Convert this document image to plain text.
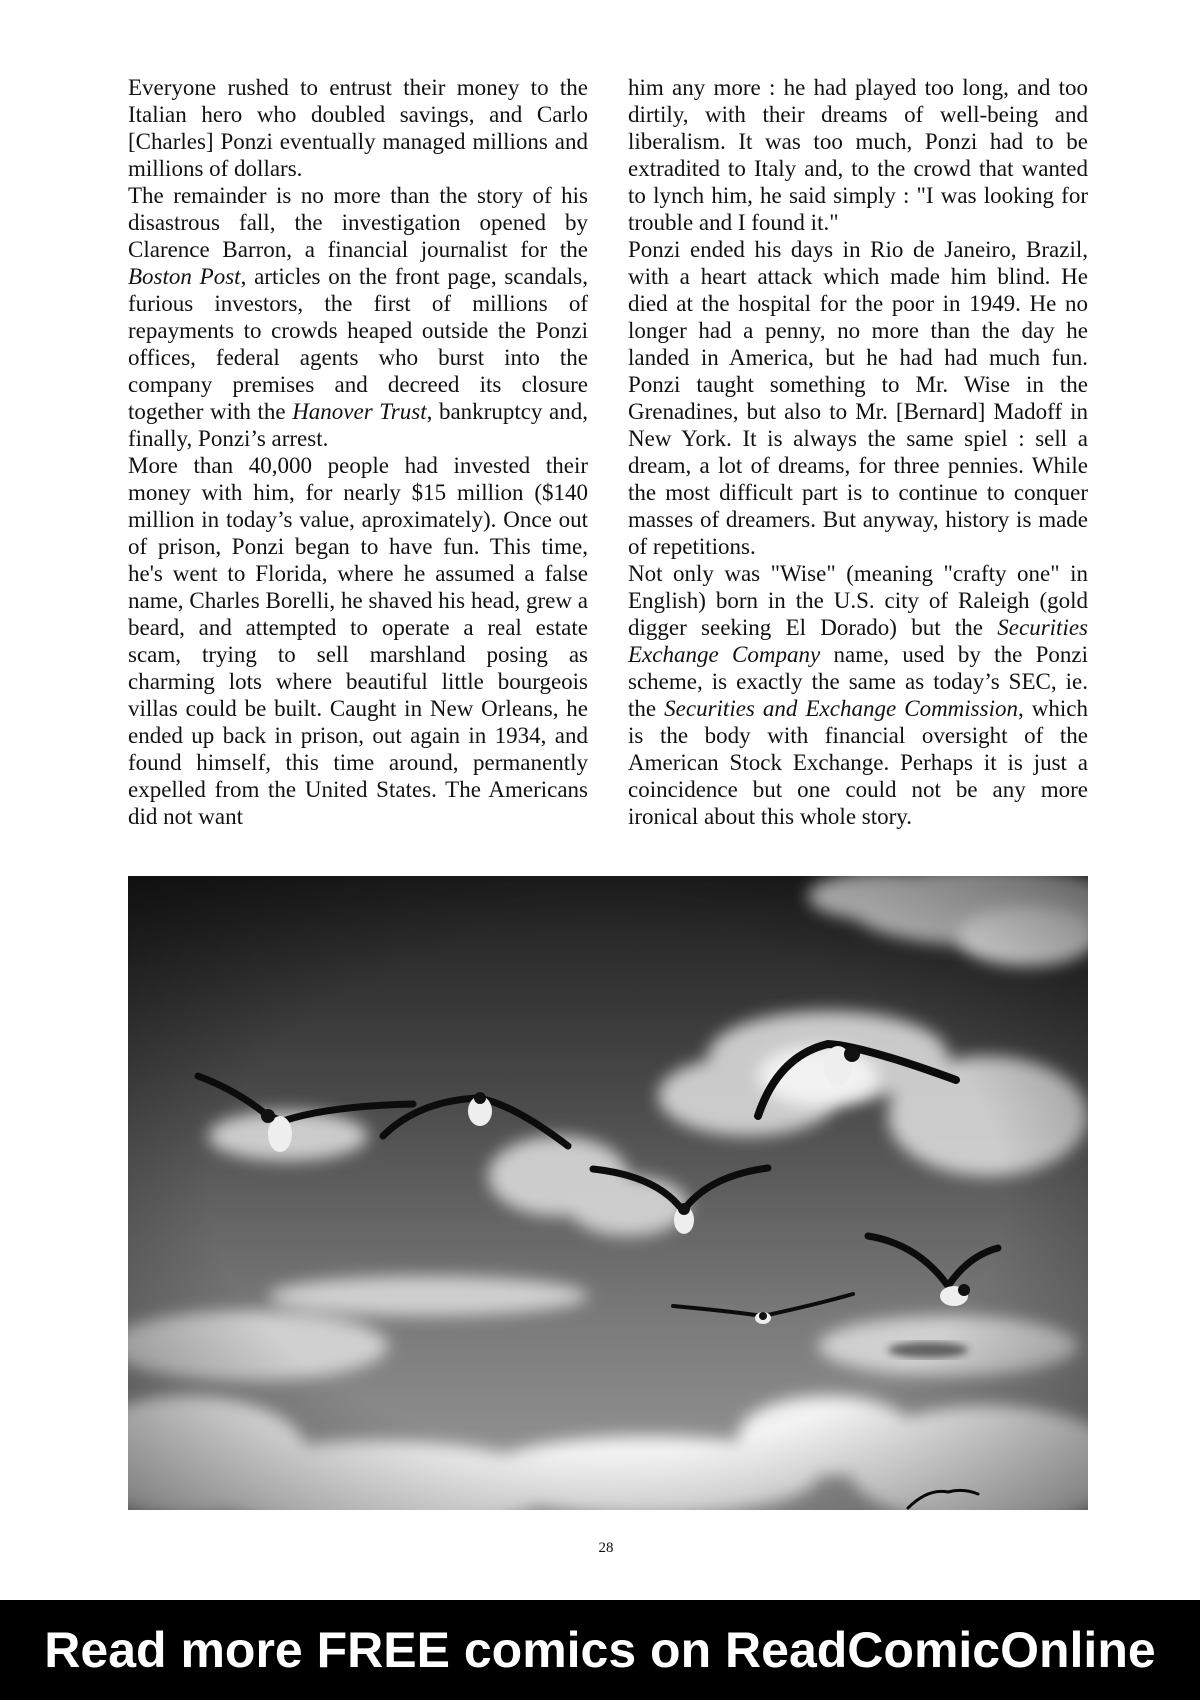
Everyone rushed to entrust their money to the Italian hero who doubled savings, and Carlo [Charles] Ponzi eventually managed millions and millions of dollars.

The remainder is no more than the story of his disastrous fall, the investigation opened by Clarence Barron, a financial journalist for the Boston Post, articles on the front page, scandals, furious investors, the first of millions of repayments to crowds heaped outside the Ponzi offices, federal agents who burst into the company premises and decreed its closure together with the Hanover Trust, bankruptcy and, finally, Ponzi’s arrest.

More than 40,000 people had invested their money with him, for nearly $15 million ($140 million in today’s value, aproximately). Once out of prison, Ponzi began to have fun. This time, he's went to Florida, where he assumed a false name, Charles Borelli, he shaved his head, grew a beard, and attempted to operate a real estate scam, trying to sell marshland posing as charming lots where beautiful little bourgeois villas could be built. Caught in New Orleans, he ended up back in prison, out again in 1934, and found himself, this time around, permanently expelled from the United States. The Americans did not want

him any more : he had played too long, and too dirtily, with their dreams of well-being and liberalism. It was too much, Ponzi had to be extradited to Italy and, to the crowd that wanted to lynch him, he said simply : "I was looking for trouble and I found it."

Ponzi ended his days in Rio de Janeiro, Brazil, with a heart attack which made him blind. He died at the hospital for the poor in 1949. He no longer had a penny, no more than the day he landed in America, but he had had much fun. Ponzi taught something to Mr. Wise in the Grenadines, but also to Mr. [Bernard] Madoff in New York. It is always the same spiel : sell a dream, a lot of dreams, for three pennies. While the most difficult part is to continue to conquer masses of dreamers. But anyway, history is made of repetitions.

Not only was "Wise" (meaning "crafty one" in English) born in the U.S. city of Raleigh (gold digger seeking El Dorado) but the Securities Exchange Company name, used by the Ponzi scheme, is exactly the same as today’s SEC, ie. the Securities and Exchange Commission, which is the body with financial oversight of the American Stock Exchange. Perhaps it is just a coincidence but one could not be any more ironical about this whole story.

28
Read more FREE comics on ReadComicOnline
